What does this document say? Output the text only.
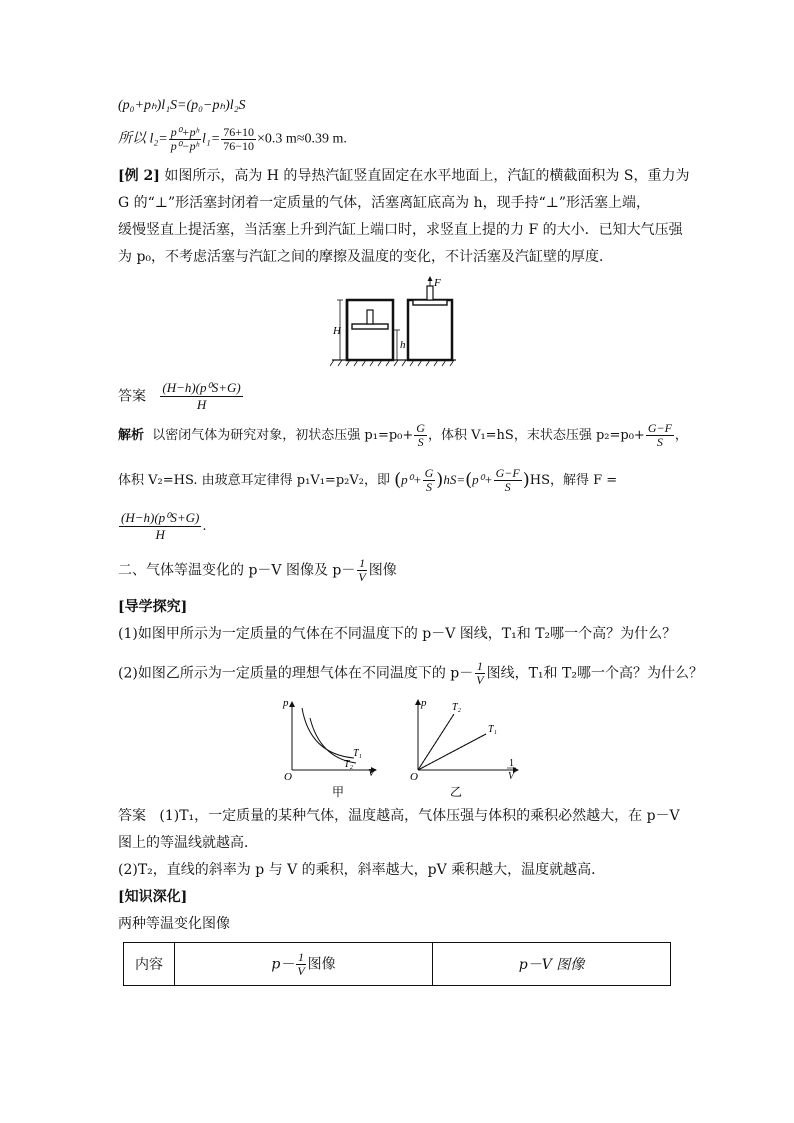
(p₀+pₕ)l₁S=(p₀−pₕ)l₂S
所以 $l_2= \frac{\text{p⁰+pʰ}}{\text{p⁰−pʰ}} l_1= \frac{76+10}{76-10} \times 0.3$ m≈0.39 m.
[例 2] 如图所示，高为 H 的导热汽缸竖直固定在水平地面上，汽缸的横截面积为 S，重力为
G 的“⊥”形活塞封闭着一定质量的气体，活塞离缸底高为 h，现手持“⊥”形活塞上端，
缓慢竖直上提活塞，当活塞上升到汽缸上端口时，求竖直上提的力 F 的大小．已知大气压强
为 p₀，不考虑活塞与汽缸之间的摩擦及温度的变化，不计活塞及汽缸壁的厚度．
H
h
F
答案 $\frac{\text{(H−h)(p⁰S+G)}}{H}$
解析 以密闭气体为研究对象，初状态压强 $p_1=p_0+ \frac{G}{S}$ ，体积 V₁=hS，末状态压强 $p_2=p_0+ \frac{G-F}{S}$ ，
体积 V₂=HS. 由玻意耳定律得 p₁V₁=p₂V₂，即 $(p^0+ \frac{G}{S} )hS=(p^0+ \frac{G-F}{S} )HS$，解得 F =
$\frac{\text{(H−h)(p⁰S+G)}}{H}$ .
二、气体等温变化的 p－V 图像及 $p- \frac{1}{V}$ 图像
[导学探究]
(1)如图甲所示为一定质量的气体在不同温度下的 p－V 图线，T₁和 T₂哪一个高？为什么？
(2)如图乙所示为一定质量的理想气体在不同温度下的 $p- \frac{1}{V}$ 图线，T₁和 T₂哪一个高？为什么？
p
O	V
T₁
T₂
甲
p
O
T₂
T₁
1
V
乙
答案 (1)T₁，一定质量的某种气体，温度越高，气体压强与体积的乘积必然越大，在 p－V
图上的等温线就越高．
(2)T₂，直线的斜率为 p 与 V 的乘积，斜率越大，pV 乘积越大，温度就越高．
[知识深化]
两种等温变化图像
内容	$p- \frac{1}{V}$ 图像	p－V 图像
